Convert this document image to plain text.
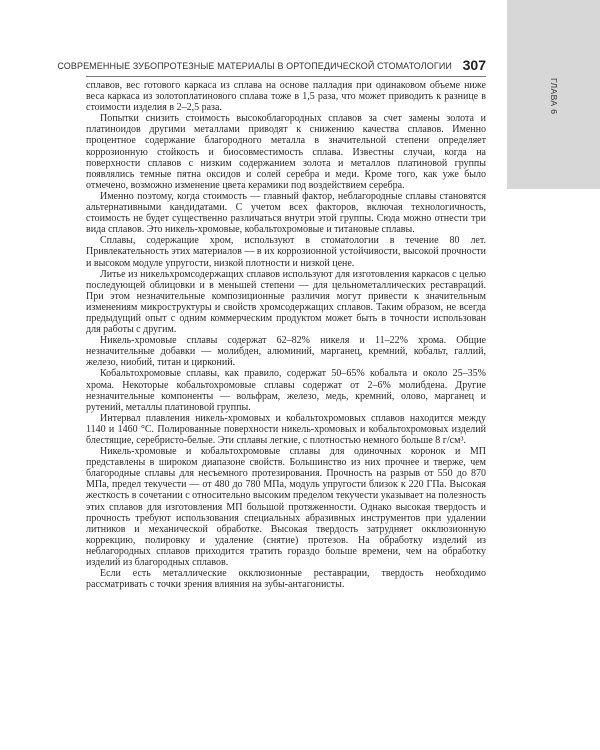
СОВРЕМЕННЫЕ ЗУБОПРОТЕЗНЫЕ МАТЕРИАЛЫ В ОРТОПЕДИЧЕСКОЙ СТОМАТОЛОГИИ 307
ГЛАВА 6

сплавов, вес готового каркаса из сплава на основе палладия при одинаковом объеме ниже веса каркаса из золотоплатинового сплава тоже в 1,5 раза, что может приводить к разнице в стоимости изделия в 2–2,5 раза.

Попытки снизить стоимость высокоблагородных сплавов за счет замены золота и платиноидов другими металлами приводят к снижению качества сплавов. Именно процентное содержание благородного металла в значительной степени определяет коррозионную стойкость и биосовместимость сплава. Известны случаи, когда на поверхности сплавов с низким содержанием золота и металлов платиновой группы появлялись темные пятна оксидов и солей серебра и меди. Кроме того, как уже было отмечено, возможно изменение цвета керамики под воздействием серебра.

Именно поэтому, когда стоимость — главный фактор, неблагородные сплавы становятся альтернативными кандидатами. С учетом всех факторов, включая технологичность, стоимость не будет существенно различаться внутри этой группы. Сюда можно отнести три вида сплавов. Это никель-хромовые, кобальтохромовые и титановые сплавы.

Сплавы, содержащие хром, используют в стоматологии в течение 80 лет. Привлекательность этих материалов — в их коррозионной устойчивости, высокой прочности и высоком модуле упругости, низкой плотности и низкой цене.

Литье из никельхромсодержащих сплавов используют для изготовления каркасов с целью последующей облицовки и в меньшей степени — для цельнометаллических реставраций. При этом незначительные композиционные различия могут привести к значительным изменениям микроструктуры и свойств хромсодержащих сплавов. Таким образом, не всегда предыдущий опыт с одним коммерческим продуктом может быть в точности использован для работы с другим.

Никель-хромовые сплавы содержат 62–82% никеля и 11–22% хрома. Общие незначительные добавки — молибден, алюминий, марганец, кремний, кобальт, галлий, железо, ниобий, титан и цирконий.

Кобальтохромовые сплавы, как правило, содержат 50–65% кобальта и около 25–35% хрома. Некоторые кобальтохромовые сплавы содержат от 2–6% молибдена. Другие незначительные компоненты — вольфрам, железо, медь, кремний, олово, марганец и рутений, металлы платиновой группы.

Интервал плавления никель-хромовых и кобальтохромовых сплавов находится между 1140 и 1460 °С. Полированные поверхности никель-хромовых и кобальтохромовых изделий блестящие, серебристо-белые. Эти сплавы легкие, с плотностью немного больше 8 г/см³.

Никель-хромовые и кобальтохромовые сплавы для одиночных коронок и МП представлены в широком диапазоне свойств. Большинство из них прочнее и тверже, чем благородные сплавы для несъемного протезирования. Прочность на разрыв от 550 до 870 МПа, предел текучести — от 480 до 780 МПа, модуль упругости близок к 220 ГПа. Высокая жесткость в сочетании с относительно высоким пределом текучести указывает на полезность этих сплавов для изготовления МП большой протяженности. Однако высокая твердость и прочность требуют использования специальных абразивных инструментов при удалении литников и механической обработке. Высокая твердость затрудняет окклюзионную коррекцию, полировку и удаление (снятие) протезов. На обработку изделий из неблагородных сплавов приходится тратить гораздо больше времени, чем на обработку изделий из благородных сплавов.

Если есть металлические окклюзионные реставрации, твердость необходимо рассматривать с точки зрения влияния на зубы-антагонисты.
